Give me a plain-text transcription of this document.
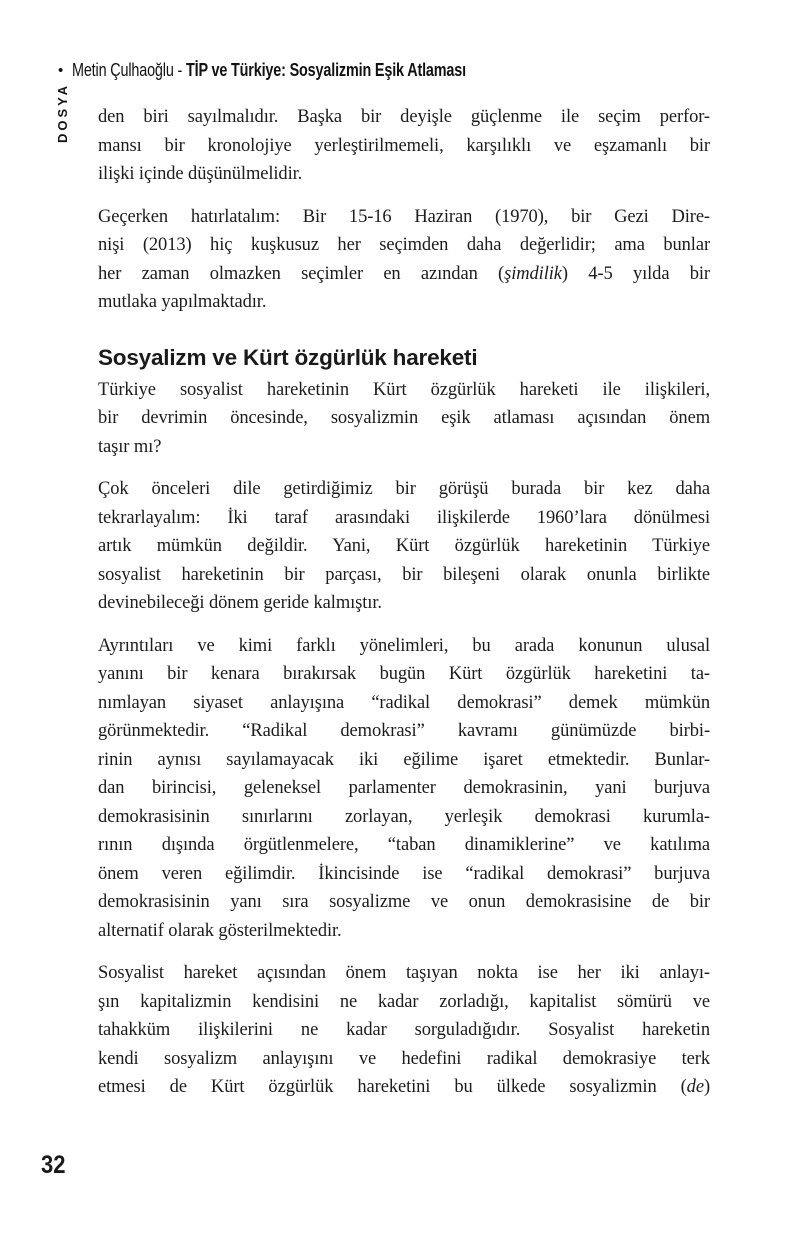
• Metin Çulhaoğlu - TİP ve Türkiye: Sosyalizmin Eşik Atlaması
DOSYA den biri sayılmalıdır. Başka bir deyişle güçlenme ile seçim perfor-
mansı bir kronolojiye yerleştirilmemeli, karşılıklı ve eşzamanlı bir
ilişki içinde düşünülmelidir.

Geçerken hatırlatalım: Bir 15-16 Haziran (1970), bir Gezi Dire-
nişi (2013) hiç kuşkusuz her seçimden daha değerlidir; ama bunlar
her zaman olmazken seçimler en azından (şimdilik) 4-5 yılda bir
mutlaka yapılmaktadır.

Sosyalizm ve Kürt özgürlük hareketi

Türkiye sosyalist hareketinin Kürt özgürlük hareketi ile ilişkileri,
bir devrimin öncesinde, sosyalizmin eşik atlaması açısından önem
taşır mı?

Çok önceleri dile getirdiğimiz bir görüşü burada bir kez daha
tekrarlayalım: İki taraf arasındaki ilişkilerde 1960’lara dönülmesi
artık mümkün değildir. Yani, Kürt özgürlük hareketinin Türkiye
sosyalist hareketinin bir parçası, bir bileşeni olarak onunla birlikte
devinebileceği dönem geride kalmıştır.

Ayrıntıları ve kimi farklı yönelimleri, bu arada konunun ulusal
yanını bir kenara bırakırsak bugün Kürt özgürlük hareketini ta-
nımlayan siyaset anlayışına “radikal demokrasi” demek mümkün
görünmektedir. “Radikal demokrasi” kavramı günümüzde birbi-
rinin aynısı sayılamayacak iki eğilime işaret etmektedir. Bunlar-
dan birincisi, geleneksel parlamenter demokrasinin, yani burjuva
demokrasisinin sınırlarını zorlayan, yerleşik demokrasi kurumla-
rının dışında örgütlenmelere, “taban dinamiklerine” ve katılıma
önem veren eğilimdir. İkincisinde ise “radikal demokrasi” burjuva
demokrasisinin yanı sıra sosyalizme ve onun demokrasisine de bir
alternatif olarak gösterilmektedir.

Sosyalist hareket açısından önem taşıyan nokta ise her iki anlayı-
şın kapitalizmin kendisini ne kadar zorladığı, kapitalist sömürü ve
tahakküm ilişkilerini ne kadar sorguladığıdır. Sosyalist hareketin
kendi sosyalizm anlayışını ve hedefini radikal demokrasiye terk
etmesi de Kürt özgürlük hareketini bu ülkede sosyalizmin (de)

32
